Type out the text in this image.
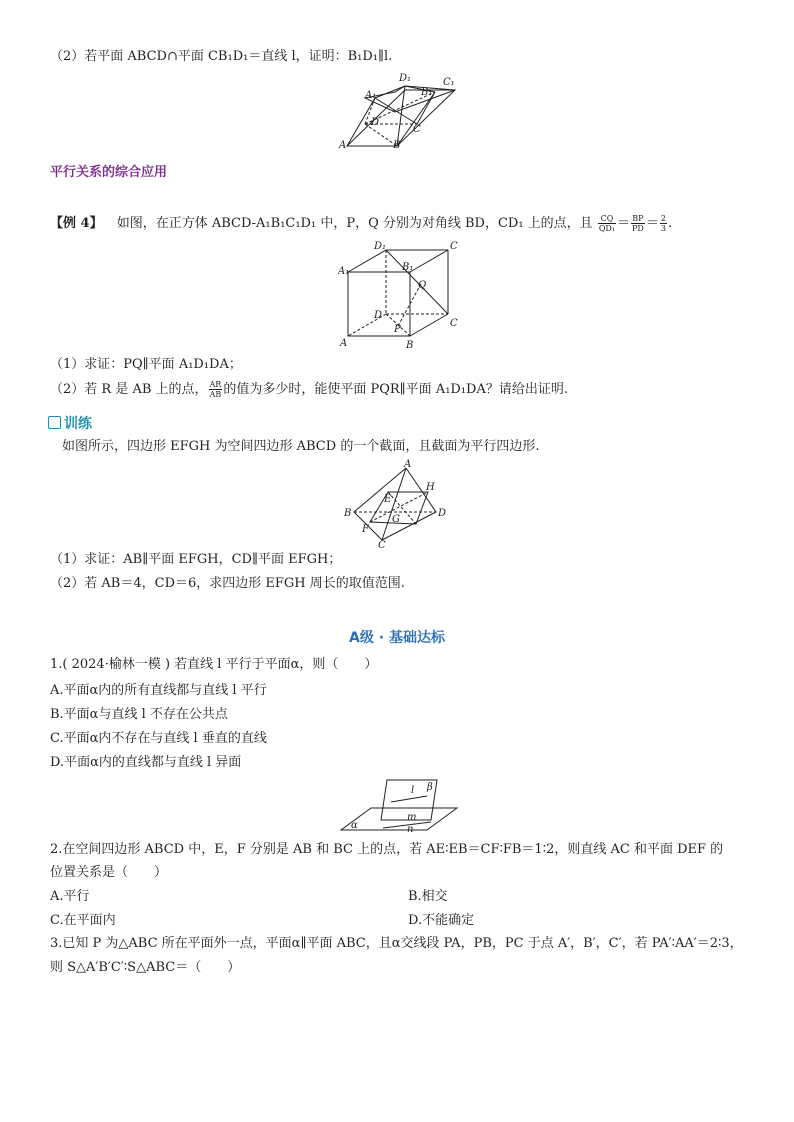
（2）若平面 ABCD∩平面 CB₁D₁＝直线 l，证明：B₁D₁∥l.
D₁	C₁
A₁	B₁
D
C
A	B
平行关系的综合应用
【例 4】 如图，在正方体 ABCD-A₁B₁C₁D₁ 中，P，Q 分别为对角线 BD，CD₁ 上的点，且 $\frac{CQ}{\text{QD₁}} = \frac{BP}{PD} = \frac{2}{3}$ .
D₁	C
A₁	B₁
Q
D
P
C
A	B
（1）求证：PQ∥平面 A₁D₁DA；
（2）若 R 是 AB 上的点， $\frac{AR}{AB}$ 的值为多少时，能使平面 PQR∥平面 A₁D₁DA？请给出证明.
训练
如图所示，四边形 EFGH 为空间四边形 ABCD 的一个截面，且截面为平行四边形.
A
H
E
B
G
D
F
C
（1）求证：AB∥平面 EFGH，CD∥平面 EFGH；
（2）若 AB＝4，CD＝6，求四边形 EFGH 周长的取值范围.
A级 · 基础达标
1.( 2024·榆林一模 ) 若直线 l 平行于平面α，则（　　）
A.平面α内的所有直线都与直线 l 平行
B.平面α与直线 l 不存在公共点
C.平面α内不存在与直线 l 垂直的直线
D.平面α内的直线都与直线 l 异面
l β
m
α	n
2.在空间四边形 ABCD 中，E，F 分别是 AB 和 BC 上的点，若 AE∶EB＝CF∶FB＝1∶2，则直线 AC 和平面 DEF 的
位置关系是（　　）
A.平行	B.相交
C.在平面内	D.不能确定
3.已知 P 为△ABC 所在平面外一点，平面α∥平面 ABC，且α交线段 PA，PB，PC 于点 A′，B′，C′，若 PA′∶AA′＝2∶3，
则 S△A′B′C′∶S△ABC＝（　　）
